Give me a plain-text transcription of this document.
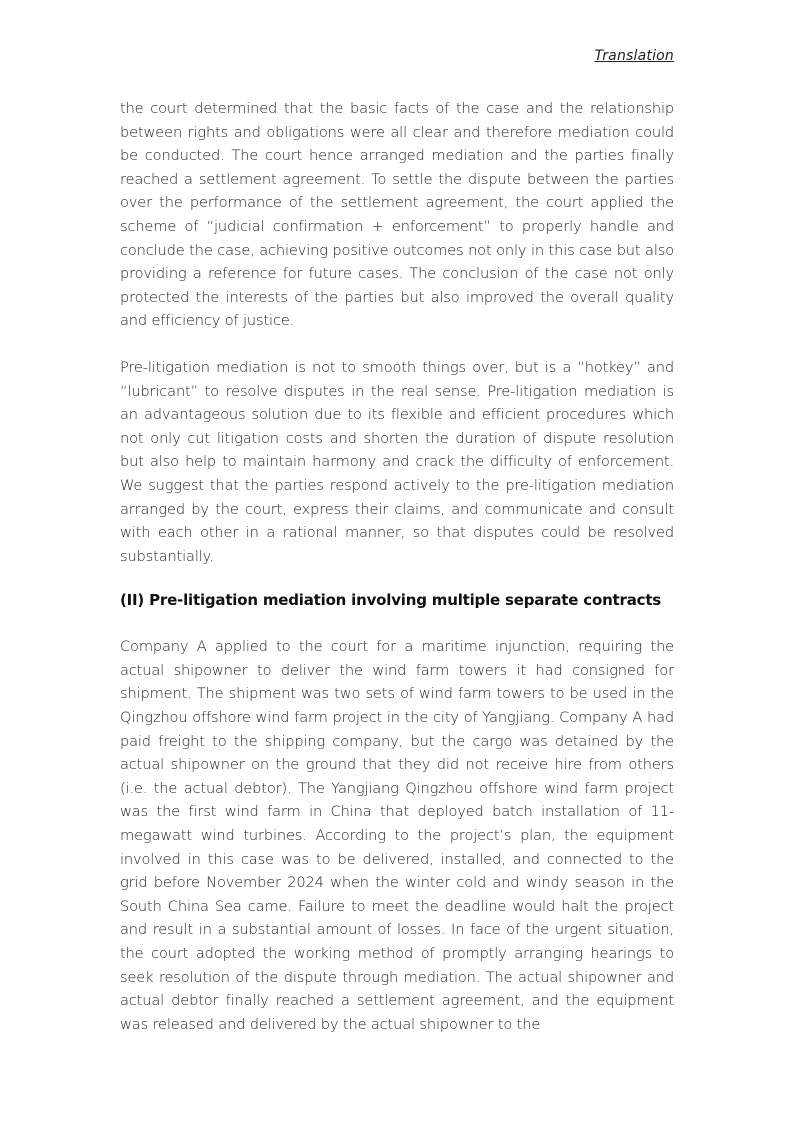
Translation

the court determined that the basic facts of the case and the relationship between rights and obligations were all clear and therefore mediation could be conducted. The court hence arranged mediation and the parties finally reached a settlement agreement. To settle the dispute between the parties over the performance of the settlement agreement, the court applied the scheme of “judicial confirmation + enforcement” to properly handle and conclude the case, achieving positive outcomes not only in this case but also providing a reference for future cases. The conclusion of the case not only protected the interests of the parties but also improved the overall quality and efficiency of justice.

Pre-litigation mediation is not to smooth things over, but is a “hotkey” and “lubricant” to resolve disputes in the real sense. Pre-litigation mediation is an advantageous solution due to its flexible and efficient procedures which not only cut litigation costs and shorten the duration of dispute resolution but also help to maintain harmony and crack the difficulty of enforcement. We suggest that the parties respond actively to the pre-litigation mediation arranged by the court, express their claims, and communicate and consult with each other in a rational manner, so that disputes could be resolved substantially.

(II) Pre-litigation mediation involving multiple separate contracts

Company A applied to the court for a maritime injunction, requiring the actual shipowner to deliver the wind farm towers it had consigned for shipment. The shipment was two sets of wind farm towers to be used in the Qingzhou offshore wind farm project in the city of Yangjiang. Company A had paid freight to the shipping company, but the cargo was detained by the actual shipowner on the ground that they did not receive hire from others (i.e. the actual debtor). The Yangjiang Qingzhou offshore wind farm project was the first wind farm in China that deployed batch installation of 11-megawatt wind turbines. According to the project’s plan, the equipment involved in this case was to be delivered, installed, and connected to the grid before November 2024 when the winter cold and windy season in the South China Sea came. Failure to meet the deadline would halt the project and result in a substantial amount of losses. In face of the urgent situation, the court adopted the working method of promptly arranging hearings to seek resolution of the dispute through mediation. The actual shipowner and actual debtor finally reached a settlement agreement, and the equipment was released and delivered by the actual shipowner to the
